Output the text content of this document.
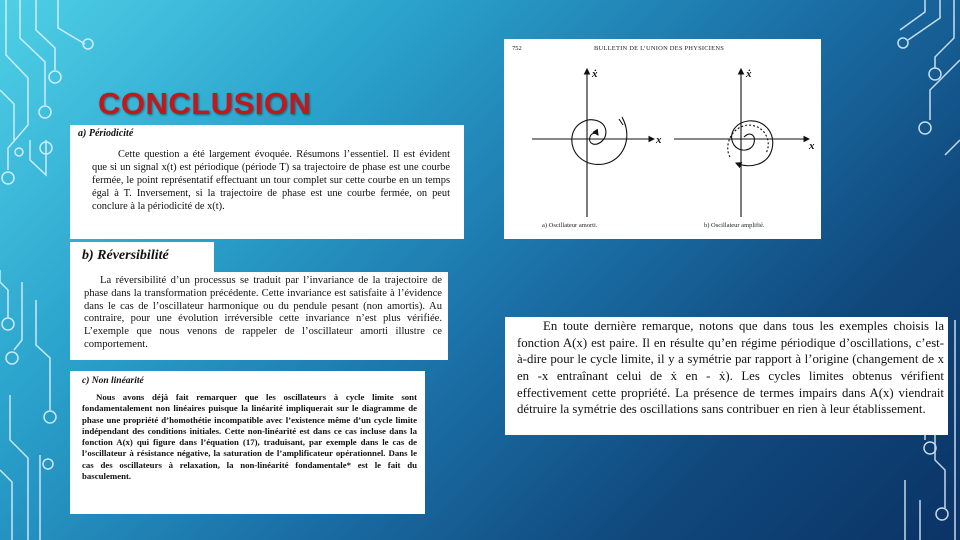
CONCLUSION

a) Périodicité

Cette question a été largement évoquée. Résumons l’essentiel. Il est évident que si un signal x(t) est périodique (période T) sa trajectoire de phase est une courbe fermée, le point représentatif effectuant un tour complet sur cette courbe en un temps égal à T. Inversement, si la trajectoire de phase est une courbe fermée, on peut conclure à la périodicité de x(t).

b) Réversibilité

La réversibilité d’un processus se traduit par l’invariance de la trajectoire de phase dans la transformation précédente. Cette invariance est satisfaite à l’évidence dans le cas de l’oscillateur harmonique ou du pendule pesant (non amortis). Au contraire, pour une évolution irréversible cette invariance n’est plus vérifiée. L’exemple que nous venons de rappeler de l’oscillateur amorti illustre ce comportement.

c) Non linéarité

Nous avons déjà fait remarquer que les oscillateurs à cycle limite sont fondamentalement non linéaires puisque la linéarité impliquerait sur le diagramme de phase une propriété d’homothétie incompatible avec l’existence même d’un cycle limite indépendant des conditions initiales. Cette non-linéarité est dans ce cas incluse dans la fonction A(x) qui figure dans l’équation (17), traduisant, par exemple dans le cas de l’oscillateur à résistance négative, la saturation de l’amplificateur opérationnel. Dans le cas des oscillateurs à relaxation, la non-linéarité fondamentale* est le fait du basculement.

752	BULLETIN DE L’UNION DES PHYSICIENS
ẋ
x
ẋ
x
a) Oscillateur amorti.	b) Oscillateur amplifié.

En toute dernière remarque, notons que dans tous les exemples choisis la fonction A(x) est paire. Il en résulte qu’en régime périodique d’oscillations, c’est-à-dire pour le cycle limite, il y a symétrie par rapport à l’origine (changement de x en -x entraînant celui de ẋ en - ẋ). Les cycles limites obtenus vérifient effectivement cette propriété. La présence de termes impairs dans A(x) viendrait détruire la symétrie des oscillations sans contribuer en rien à leur établissement.
